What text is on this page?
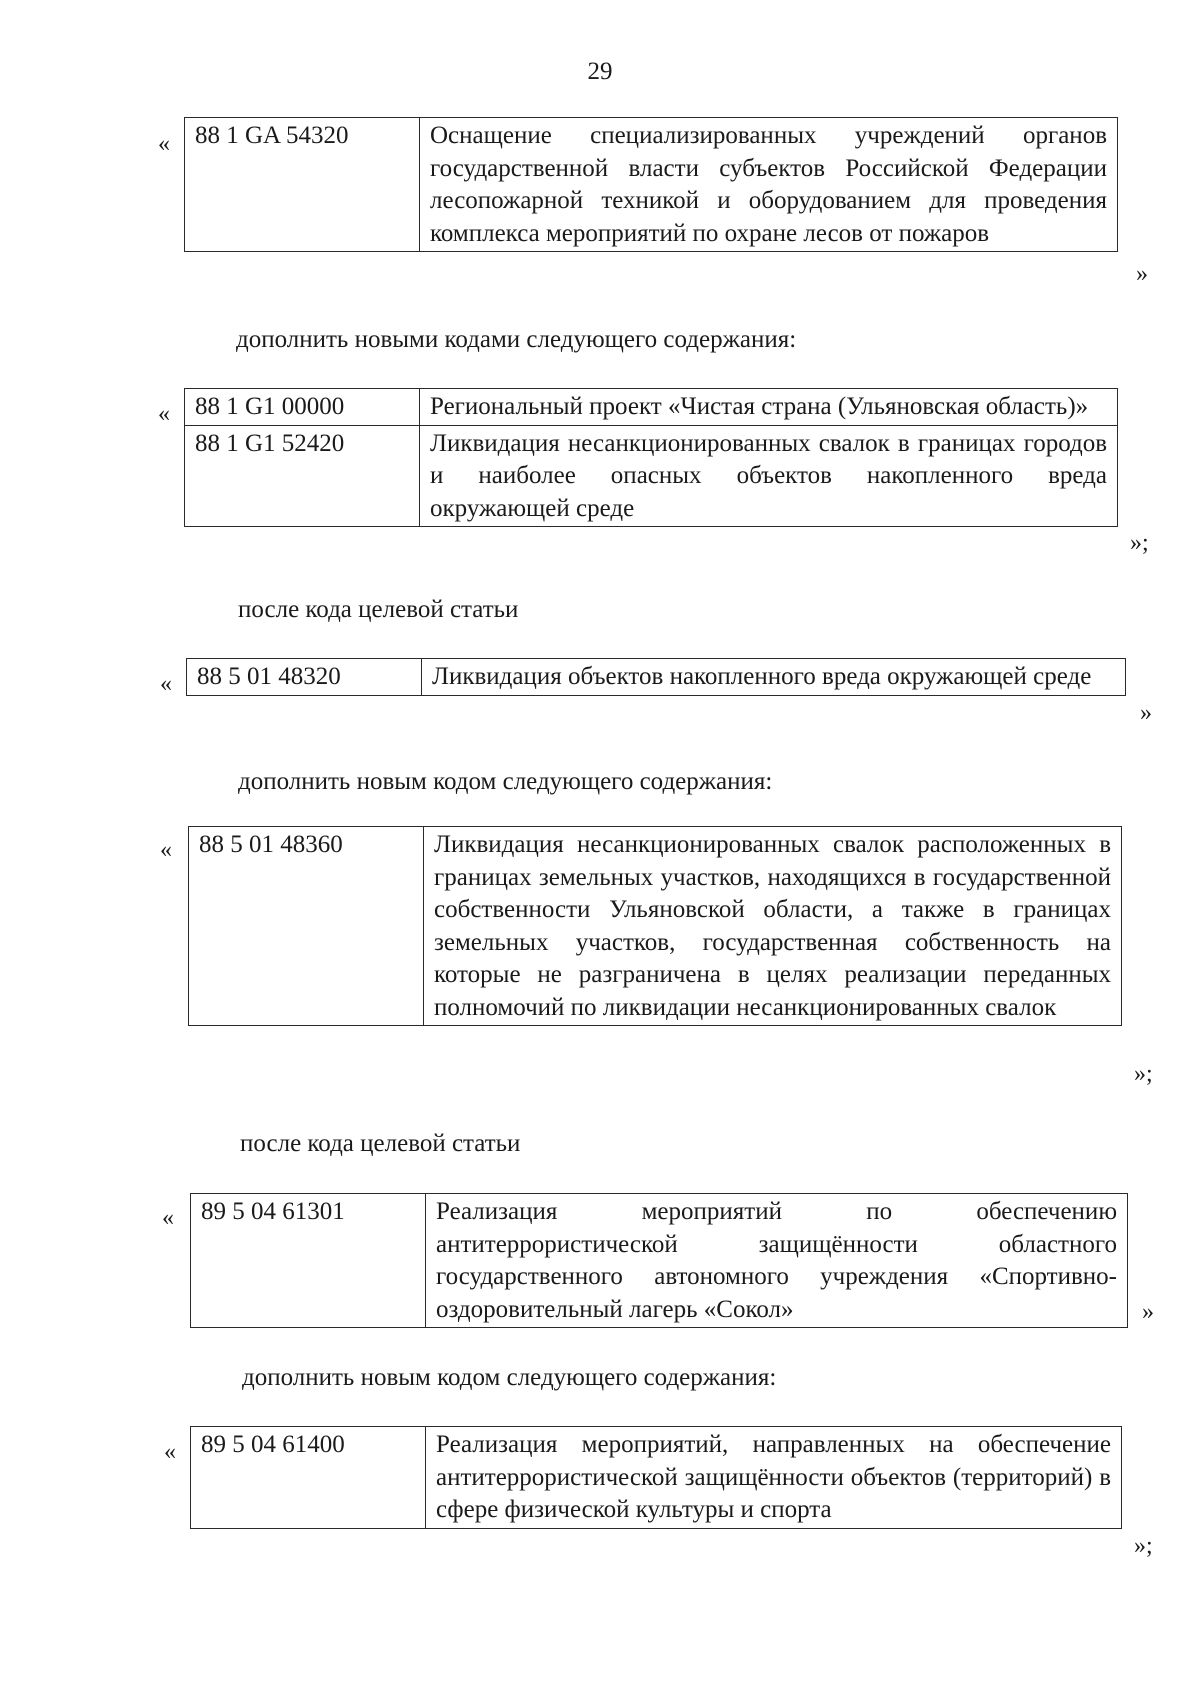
29
« 88 1 GA 54320	Оснащение специализированных учреждений органов государственной власти субъектов Российской Федерации лесопожарной техникой и оборудованием для проведения комплекса мероприятий по охране лесов от пожаров
»
дополнить новыми кодами следующего содержания:
« 88 1 G1 00000	Региональный проект «Чистая страна (Ульяновская область)»
88 1 G1 52420	Ликвидация несанкционированных свалок в границах городов и наиболее опасных объектов накопленного вреда окружающей среде
»;
после кода целевой статьи
« 88 5 01 48320	Ликвидация объектов накопленного вреда окружающей среде
»
дополнить новым кодом следующего содержания:
« 88 5 01 48360	Ликвидация несанкционированных свалок расположенных в границах земельных участков, находящихся в государственной собственности Ульяновской области, а также в границах земельных участков, государственная собственность на которые не разграничена в целях реализации переданных полномочий по ликвидации несанкционированных свалок
»;
после кода целевой статьи
« 89 5 04 61301	Реализация мероприятий по обеспечению антитеррористической защищённости областного государственного автономного учреждения «Спортивно-оздоровительный лагерь «Сокол»	»
дополнить новым кодом следующего содержания:
« 89 5 04 61400	Реализация мероприятий, направленных на обеспечение антитеррористической защищённости объектов (территорий) в сфере физической культуры и спорта
»;
